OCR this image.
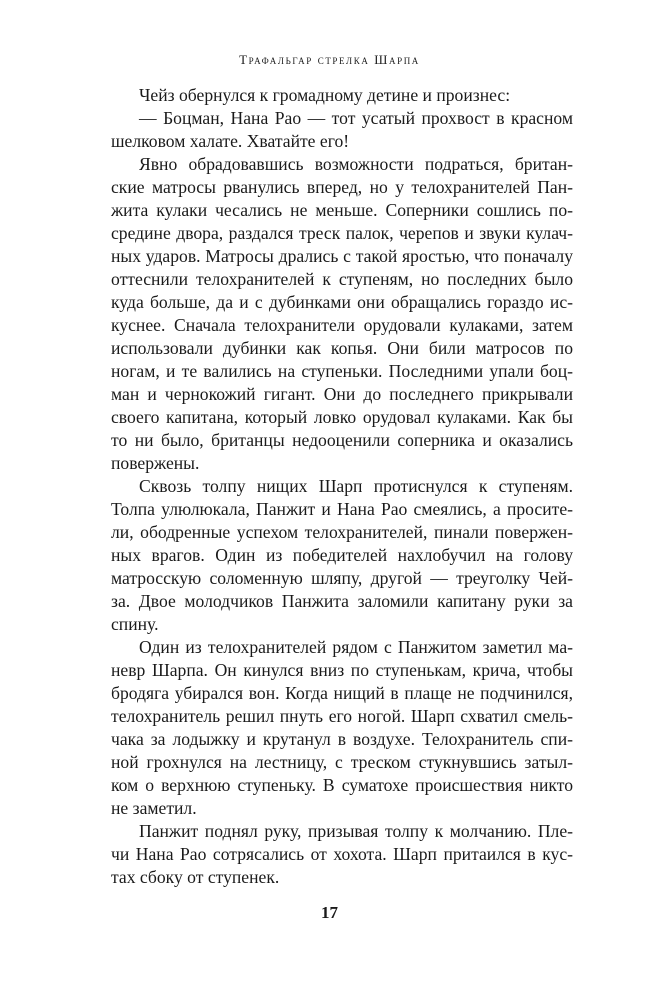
Трафальгар стрелка Шарпа
Чейз обернулся к громадному детине и произнес:
— Боцман, Нана Рао — тот усатый прохвост в красном
шелковом халате. Хватайте его!
Явно обрадовавшись возможности подраться, британ-
ские матросы рванулись вперед, но у телохранителей Пан-
жита кулаки чесались не меньше. Соперники сошлись по-
средине двора, раздался треск палок, черепов и звуки кулач-
ных ударов. Матросы дрались с такой яростью, что поначалу
оттеснили телохранителей к ступеням, но последних было
куда больше, да и с дубинками они обращались гораздо ис-
куснее. Сначала телохранители орудовали кулаками, затем
использовали дубинки как копья. Они били матросов по
ногам, и те валились на ступеньки. Последними упали боц-
ман и чернокожий гигант. Они до последнего прикрывали
своего капитана, который ловко орудовал кулаками. Как бы
то ни было, британцы недооценили соперника и оказались
повержены.
Сквозь толпу нищих Шарп протиснулся к ступеням.
Толпа улюлюкала, Панжит и Нана Рао смеялись, а просите-
ли, ободренные успехом телохранителей, пинали повержен-
ных врагов. Один из победителей нахлобучил на голову
матросскую соломенную шляпу, другой — треуголку Чей-
за. Двое молодчиков Панжита заломили капитану руки за
спину.
Один из телохранителей рядом с Панжитом заметил ма-
невр Шарпа. Он кинулся вниз по ступенькам, крича, чтобы
бродяга убирался вон. Когда нищий в плаще не подчинился,
телохранитель решил пнуть его ногой. Шарп схватил смель-
чака за лодыжку и крутанул в воздухе. Телохранитель спи-
ной грохнулся на лестницу, с треском стукнувшись затыл-
ком о верхнюю ступеньку. В суматохе происшествия никто
не заметил.
Панжит поднял руку, призывая толпу к молчанию. Пле-
чи Нана Рао сотрясались от хохота. Шарп притаился в кус-
тах сбоку от ступенек.
17
